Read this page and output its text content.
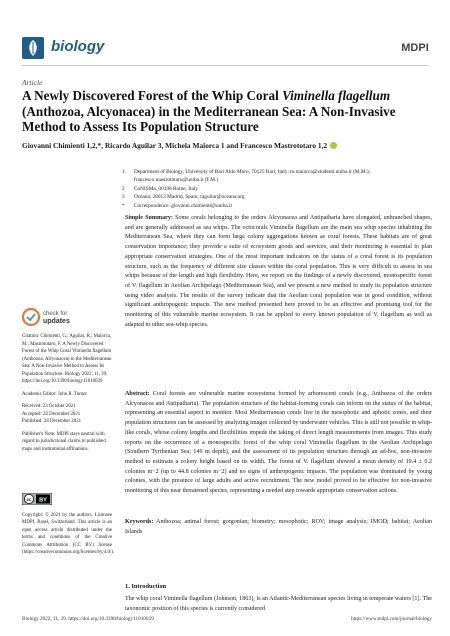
biology	MDPI
Article
A Newly Discovered Forest of the Whip Coral Viminella flagellum (Anthozoa, Alcyonacea) in the Mediterranean Sea: A Non-Invasive Method to Assess Its Population Structure
Giovanni Chimienti 1,2,*, Ricardo Aguilar 3, Michela Maiorca 1 and Francesco Mastrototaro 1,2
1	Department of Biology, University of Bari Aldo Moro, 70125 Bari, Italy; m.maiorca@studenti.uniba.it (M.M.); francesco.mastrototaro@uniba.it (F.M.)
2	CoNISMa, 00196 Rome, Italy
3	Oceana, 28013 Madrid, Spain; raguilar@oceana.org
*	Correspondence: giovanni.chimienti@uniba.it
Simple Summary: Some corals belonging to the orders Alcyonacea and Antipatharia have elongated, unbranched shapes, and are generally addressed as sea whips. The octocorals Viminella flagellum are the main sea whip species inhabiting the Mediterranean Sea, where they can form large colony aggregations known as coral forests. These habitats are of great conservation importance; they provide a suite of ecosystem goods and services, and their monitoring is essential to plan appropriate conservation strategies. One of the most important indicators on the status of a coral forest is its population structure, such as the frequency of different size classes within the coral population. This is very difficult to assess in sea whips because of the length and high flexibility. Here, we report on the findings of a newly discovered, monospecific forest of V. flagellum in Aeolian Archipelago (Mediterranean Sea), and we present a new method to study its population structure using video analysis. The results of the survey indicate that the Aeolian coral population was in good condition, without significant anthropogenic impacts. The new method presented here proved to be an effective and promising tool for the monitoring of this vulnerable marine ecosystem. It can be applied to every known population of V. flagellum as well as adapted to other sea-whip species.
Abstract: Coral forests are vulnerable marine ecosystems formed by arborescent corals (e.g., Anthozoa of the orders Alcyonacea and Antipatharia). The population structure of the habitat-forming corals can inform on the status of the habitat, representing an essential aspect to monitor. Most Mediterranean corals live in the mesophotic and aphotic zones, and their population structures can be assessed by analyzing images collected by underwater vehicles. This is still not possible in whip-like corals, whose colony lengths and flexibilities impede the taking of direct length measurements from images. This study reports on the occurrence of a monospecific forest of the whip coral Viminella flagellum in the Aeolian Archipelago (Southern Tyrrhenian Sea; 149 m depth), and the assessment of its population structure through an ad-hoc, non-invasive method to estimate a colony height based on its width. The forest of V. flagellum showed a mean density of 19.4 ± 0.2 colonies m−2 (up to 44.8 colonies m−2) and no signs of anthropogenic impacts. The population was dominated by young colonies, with the presence of large adults and active recruitment. The new model proved to be effective for non-invasive monitoring of this near threatened species, representing a needed step towards appropriate conservation actions.
Keywords: Anthozoa; animal forest; gorgonian; biometry; mesophotic; ROV; image analysis; IMOD; habitat; Aeolian Islands
check for
updates

Citation: Chimienti, G.; Aguilar, R.; Maiorca, M.; Mastrototaro, F. A Newly Discovered Forest of the Whip Coral Viminella flagellum (Anthozoa, Alcyonacea) in the Mediterranean Sea: A Non-Invasive Method to Assess Its Population Structure. Biology 2022, 11, 39. https://doi.org/10.3390/biology11010039

Academic Editor: John R. Turner

Received: 23 October 2021

Accepted: 22 December 2021

Published: 28 December 2021

Publisher's Note: MDPI stays neutral with regard to jurisdictional claims in published maps and institutional affiliations.

cc BY
Copyright: © 2021 by the authors. Licensee MDPI, Basel, Switzerland. This article is an open access article distributed under the terms and conditions of the Creative Commons Attribution (CC BY) license (https://creativecommons.org/licenses/by/4.0/).
1. Introduction
The whip coral Viminella flagellum (Johnson, 1863), is an Atlantic-Mediterranean species living in temperate waters [1]. The taxonomic position of this species is currently considered
Biology 2022, 11, 39. https://doi.org/10.3390/biology11010039	https://www.mdpi.com/journal/biology
